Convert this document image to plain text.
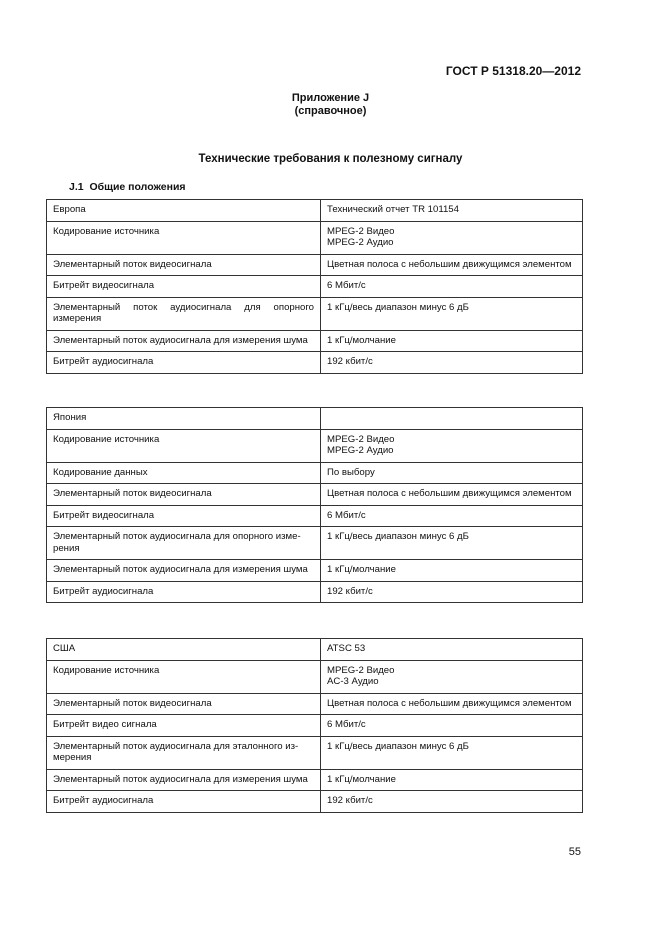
ГОСТ Р 51318.20—2012
Приложение J
(справочное)
Технические требования к полезному сигналу
J.1 Общие положения
Европа	Технический отчет TR 101154
Кодирование источника	MPEG-2 Видео
MPEG-2 Аудио
Элементарный поток видеосигнала	Цветная полоса с небольшим движущимся элементом
Битрейт видеосигнала	6 Мбит/с
Элементарный поток аудиосигнала для опорного измерения	1 кГц/весь диапазон минус 6 дБ
Элементарный поток аудиосигнала для измерения шума	1 кГц/молчание
Битрейт аудиосигнала	192 кбит/с
Япония	
Кодирование источника	MPEG-2 Видео
MPEG-2 Аудио
Кодирование данных	По выбору
Элементарный поток видеосигнала	Цветная полоса с небольшим движущимся элементом
Битрейт видеосигнала	6 Мбит/с
Элементарный поток аудиосигнала для опорного изме-
рения	1 кГц/весь диапазон минус 6 дБ
Элементарный поток аудиосигнала для измерения шума	1 кГц/молчание
Битрейт аудиосигнала	192 кбит/с
США	ATSC 53
Кодирование источника	MPEG-2 Видео
AC-3 Аудио
Элементарный поток видеосигнала	Цветная полоса с небольшим движущимся элементом
Битрейт видео сигнала	6 Мбит/с
Элементарный поток аудиосигнала для эталонного из-
мерения	1 кГц/весь диапазон минус 6 дБ
Элементарный поток аудиосигнала для измерения шума	1 кГц/молчание
Битрейт аудиосигнала	192 кбит/с
55
